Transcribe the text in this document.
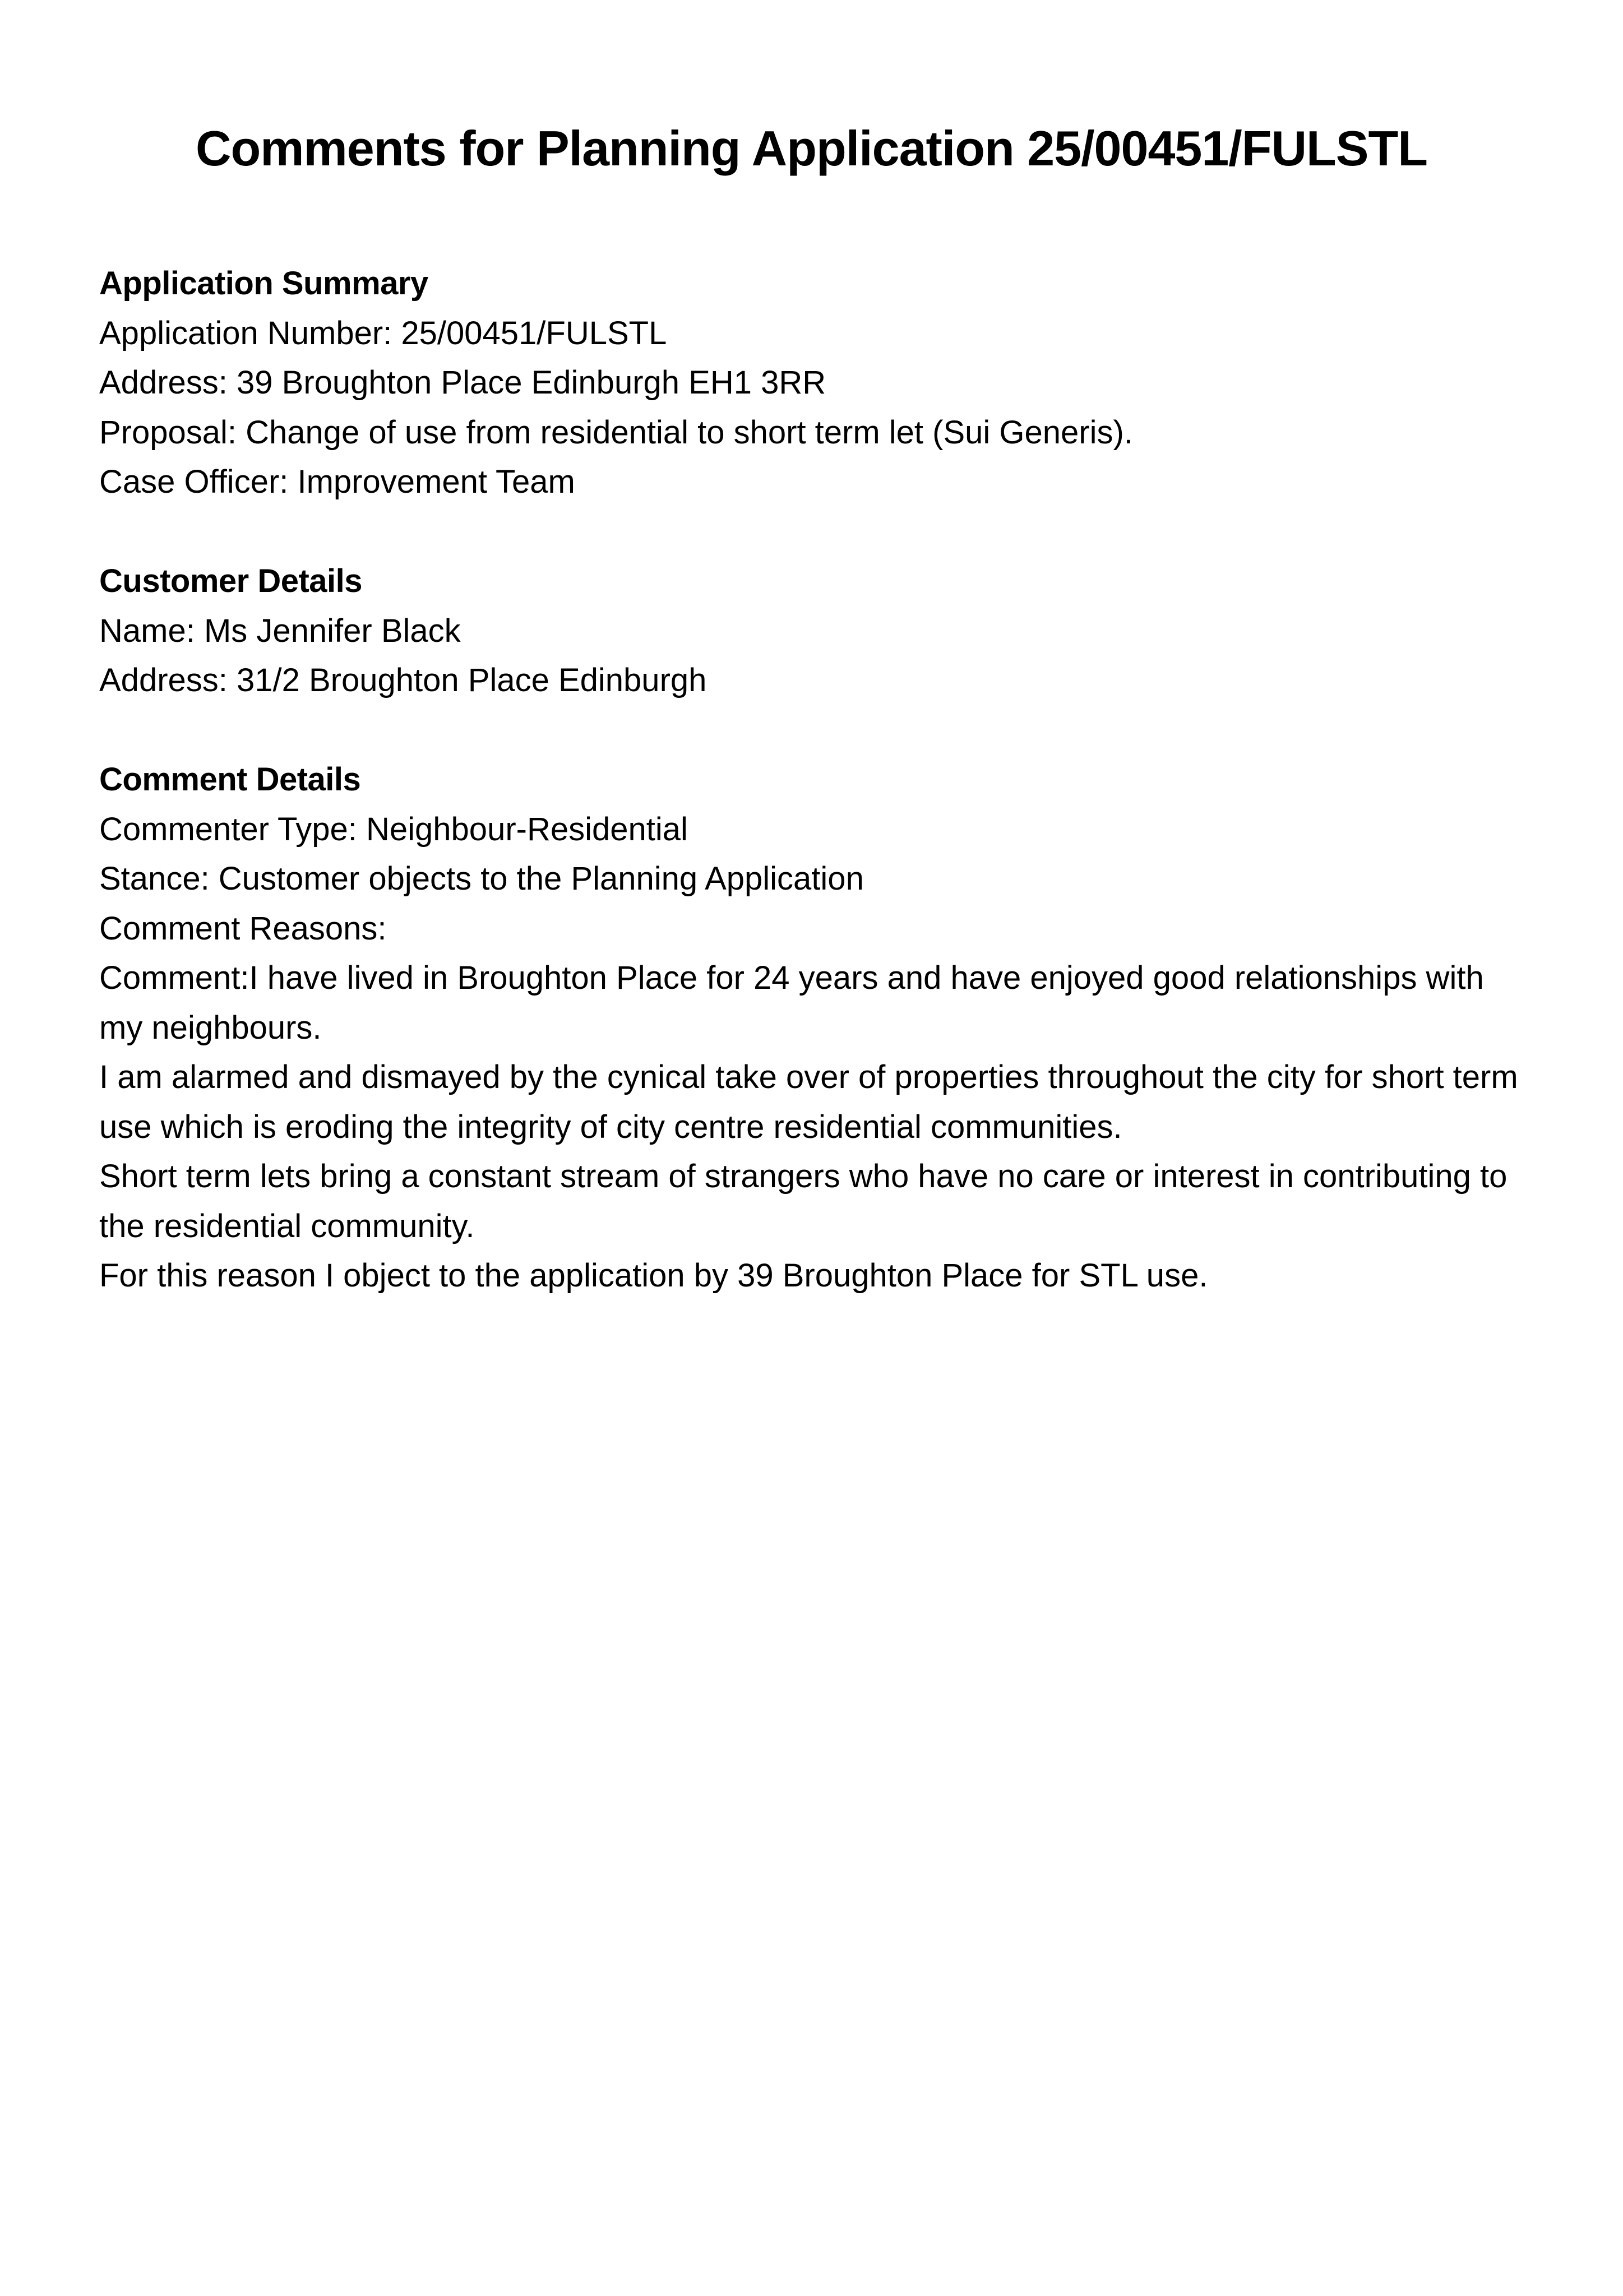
Comments for Planning Application 25/00451/FULSTL

Application Summary

Application Number: 25/00451/FULSTL

Address: 39 Broughton Place Edinburgh EH1 3RR

Proposal: Change of use from residential to short term let (Sui Generis).

Case Officer: Improvement Team

Customer Details

Name: Ms Jennifer Black

Address: 31/2 Broughton Place Edinburgh

Comment Details

Commenter Type: Neighbour-Residential

Stance: Customer objects to the Planning Application

Comment Reasons:

Comment:I have lived in Broughton Place for 24 years and have enjoyed good relationships with my neighbours.

I am alarmed and dismayed by the cynical take over of properties throughout the city for short term use which is eroding the integrity of city centre residential communities.

Short term lets bring a constant stream of strangers who have no care or interest in contributing to the residential community.

For this reason I object to the application by 39 Broughton Place for STL use.
